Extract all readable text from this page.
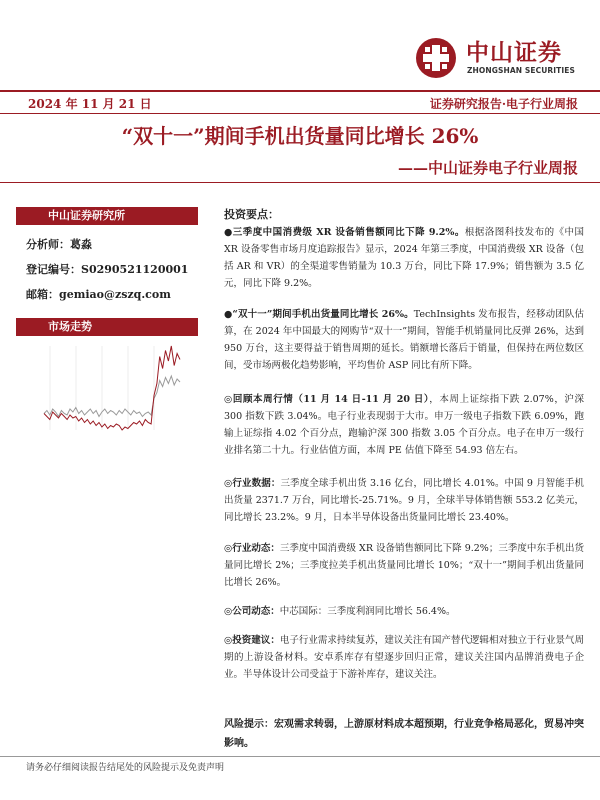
中山证券
ZHONGSHAN SECURITIES
2024 年 11 月 21 日	证券研究报告·电子行业周报
“双十一”期间手机出货量同比增长 26%
——中山证券电子行业周报
中山证券研究所
分析师：葛淼
登记编号：S0290521120001
邮箱：gemiao@zszq.com
市场走势
投资要点：
●三季度中国消费级 XR 设备销售额同比下降 9.2%。根据洛图科技发布的《中国 XR 设备零售市场月度追踪报告》显示，2024 年第三季度，中国消费级 XR 设备（包括 AR 和 VR）的全渠道零售销量为 10.3 万台，同比下降 17.9%；销售额为 3.5 亿元，同比下降 9.2%。
●“双十一”期间手机出货量同比增长 26%。TechInsights 发布报告，经移动团队估算，在 2024 年中国最大的网购节“双十一”期间，智能手机销量同比反弹 26%，达到 950 万台，这主要得益于销售周期的延长。销额增长落后于销量，但保持在两位数区间，受市场两极化趋势影响，平均售价 ASP 同比有所下降。
◎回顾本周行情（11 月 14 日-11 月 20 日），本周上证综指下跌 2.07%，沪深 300 指数下跌 3.04%。电子行业表现弱于大市。申万一级电子指数下跌 6.09%，跑输上证综指 4.02 个百分点，跑输沪深 300 指数 3.05 个百分点。电子在申万一级行业排名第二十九。行业估值方面，本周 PE 估值下降至 54.93 倍左右。
◎行业数据：三季度全球手机出货 3.16 亿台，同比增长 4.01%。中国 9 月智能手机出货量 2371.7 万台，同比增长-25.71%。9 月，全球半导体销售额 553.2 亿美元，同比增长 23.2%。9 月，日本半导体设备出货量同比增长 23.40%。
◎行业动态：三季度中国消费级 XR 设备销售额同比下降 9.2%；三季度中东手机出货量同比增长 2%；三季度拉美手机出货量同比增长 10%；“双十一”期间手机出货量同比增长 26%。
◎公司动态：中芯国际：三季度利润同比增长 56.4%。
◎投资建议：电子行业需求持续复苏，建议关注有国产替代逻辑相对独立于行业景气周期的上游设备材料。安卓系库存有望逐步回归正常，建议关注国内品牌消费电子企业。半导体设计公司受益于下游补库存，建议关注。
风险提示：宏观需求转弱，上游原材料成本超预期，行业竞争格局恶化，贸易冲突影响。
请务必仔细阅读报告结尾处的风险提示及免责声明
